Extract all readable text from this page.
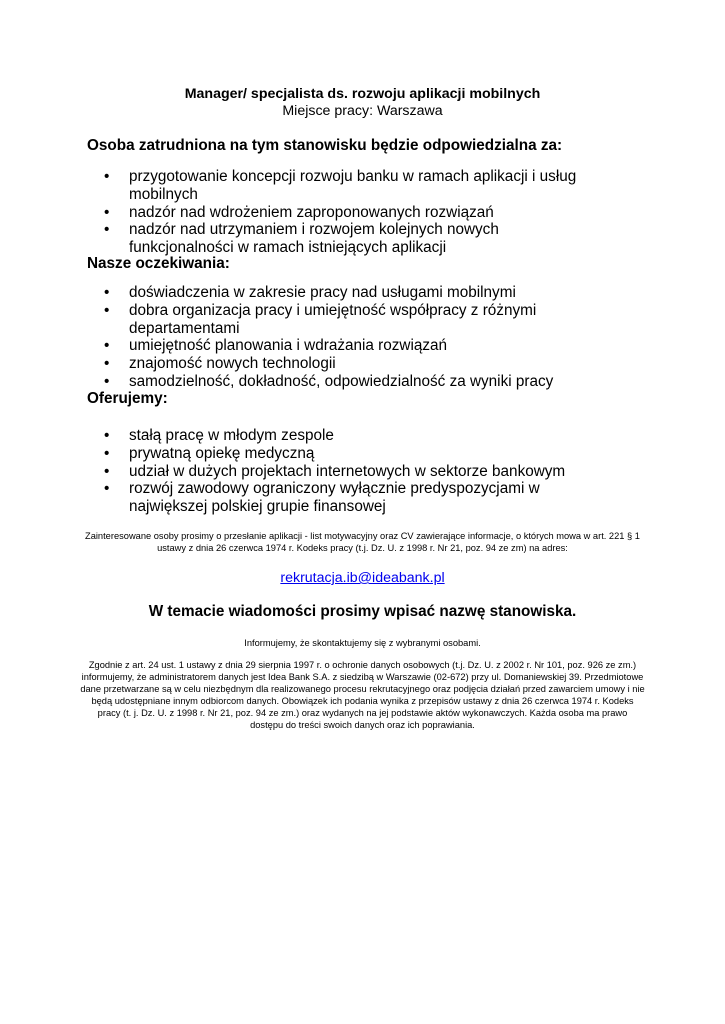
Manager/ specjalista ds. rozwoju aplikacji mobilnych
Miejsce pracy: Warszawa
Osoba zatrudniona na tym stanowisku będzie odpowiedzialna za:
•	przygotowanie koncepcji rozwoju banku w ramach aplikacji i usług mobilnych
•	nadzór nad wdrożeniem zaproponowanych rozwiązań
•	nadzór nad utrzymaniem i rozwojem kolejnych nowych funkcjonalności w ramach istniejących aplikacji
Nasze oczekiwania:
•	doświadczenia w zakresie pracy nad usługami mobilnymi
•	dobra organizacja pracy i umiejętność współpracy z różnymi departamentami
•	umiejętność planowania i wdrażania rozwiązań
•	znajomość nowych technologii
•	samodzielność, dokładność, odpowiedzialność za wyniki pracy
Oferujemy:
•	stałą pracę w młodym zespole
•	prywatną opiekę medyczną
•	udział w dużych projektach internetowych w sektorze bankowym
•	rozwój zawodowy ograniczony wyłącznie predyspozycjami w największej polskiej grupie finansowej
Zainteresowane osoby prosimy o przesłanie aplikacji - list motywacyjny oraz CV zawierające informacje, o których mowa w art. 221 § 1 ustawy z dnia 26 czerwca 1974 r. Kodeks pracy (t.j. Dz. U. z 1998 r. Nr 21, poz. 94 ze zm) na adres:
rekrutacja.ib@ideabank.pl
W temacie wiadomości prosimy wpisać nazwę stanowiska.
Informujemy, że skontaktujemy się z wybranymi osobami.
Zgodnie z art. 24 ust. 1 ustawy z dnia 29 sierpnia 1997 r. o ochronie danych osobowych (t.j. Dz. U. z 2002 r. Nr 101, poz. 926 ze zm.) informujemy, że administratorem danych jest Idea Bank S.A. z siedzibą w Warszawie (02-672) przy ul. Domaniewskiej 39. Przedmiotowe dane przetwarzane są w celu niezbędnym dla realizowanego procesu rekrutacyjnego oraz podjęcia działań przed zawarciem umowy i nie będą udostępniane innym odbiorcom danych. Obowiązek ich podania wynika z przepisów ustawy z dnia 26 czerwca 1974 r. Kodeks pracy (t. j. Dz. U. z 1998 r. Nr 21, poz. 94 ze zm.) oraz wydanych na jej podstawie aktów wykonawczych. Każda osoba ma prawo dostępu do treści swoich danych oraz ich poprawiania.
